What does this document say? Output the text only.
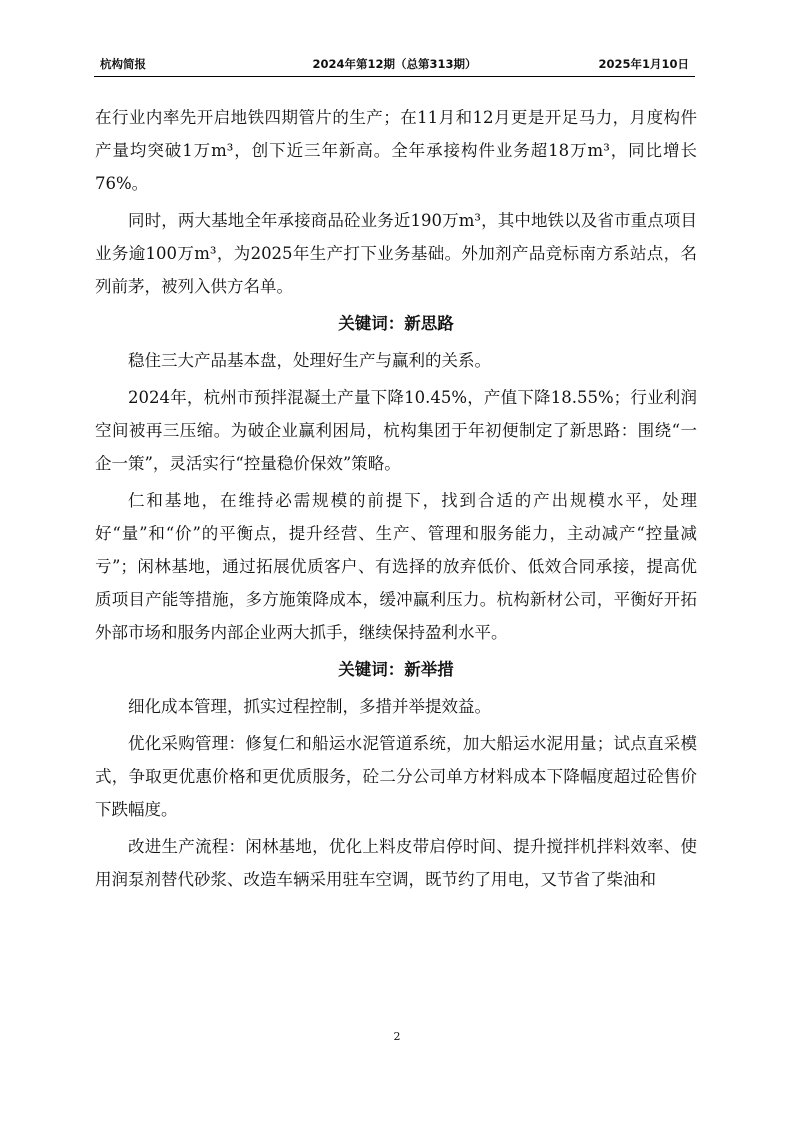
杭构简报	2024年第12期（总第313期）	2025年1月10日

在行业内率先开启地铁四期管片的生产；在11月和12月更是开足马力，月度构件产量均突破1万m³，创下近三年新高。全年承接构件业务超18万m³，同比增长76%。

同时，两大基地全年承接商品砼业务近190万m³，其中地铁以及省市重点项目业务逾100万m³，为2025年生产打下业务基础。外加剂产品竞标南方系站点，名列前茅，被列入供方名单。

关键词：新思路

稳住三大产品基本盘，处理好生产与赢利的关系。

2024年，杭州市预拌混凝土产量下降10.45%，产值下降18.55%；行业利润空间被再三压缩。为破企业赢利困局，杭构集团于年初便制定了新思路：围绕“一企一策”，灵活实行“控量稳价保效”策略。

仁和基地，在维持必需规模的前提下，找到合适的产出规模水平，处理好“量”和“价”的平衡点，提升经营、生产、管理和服务能力，主动减产“控量减亏”；闲林基地，通过拓展优质客户、有选择的放弃低价、低效合同承接，提高优质项目产能等措施，多方施策降成本，缓冲赢利压力。杭构新材公司，平衡好开拓外部市场和服务内部企业两大抓手，继续保持盈利水平。

关键词：新举措

细化成本管理，抓实过程控制，多措并举提效益。

优化采购管理：修复仁和船运水泥管道系统，加大船运水泥用量；试点直采模式，争取更优惠价格和更优质服务，砼二分公司单方材料成本下降幅度超过砼售价下跌幅度。

改进生产流程：闲林基地，优化上料皮带启停时间、提升搅拌机拌料效率、使用润泵剂替代砂浆、改造车辆采用驻车空调，既节约了用电，又节省了柴油和

2
